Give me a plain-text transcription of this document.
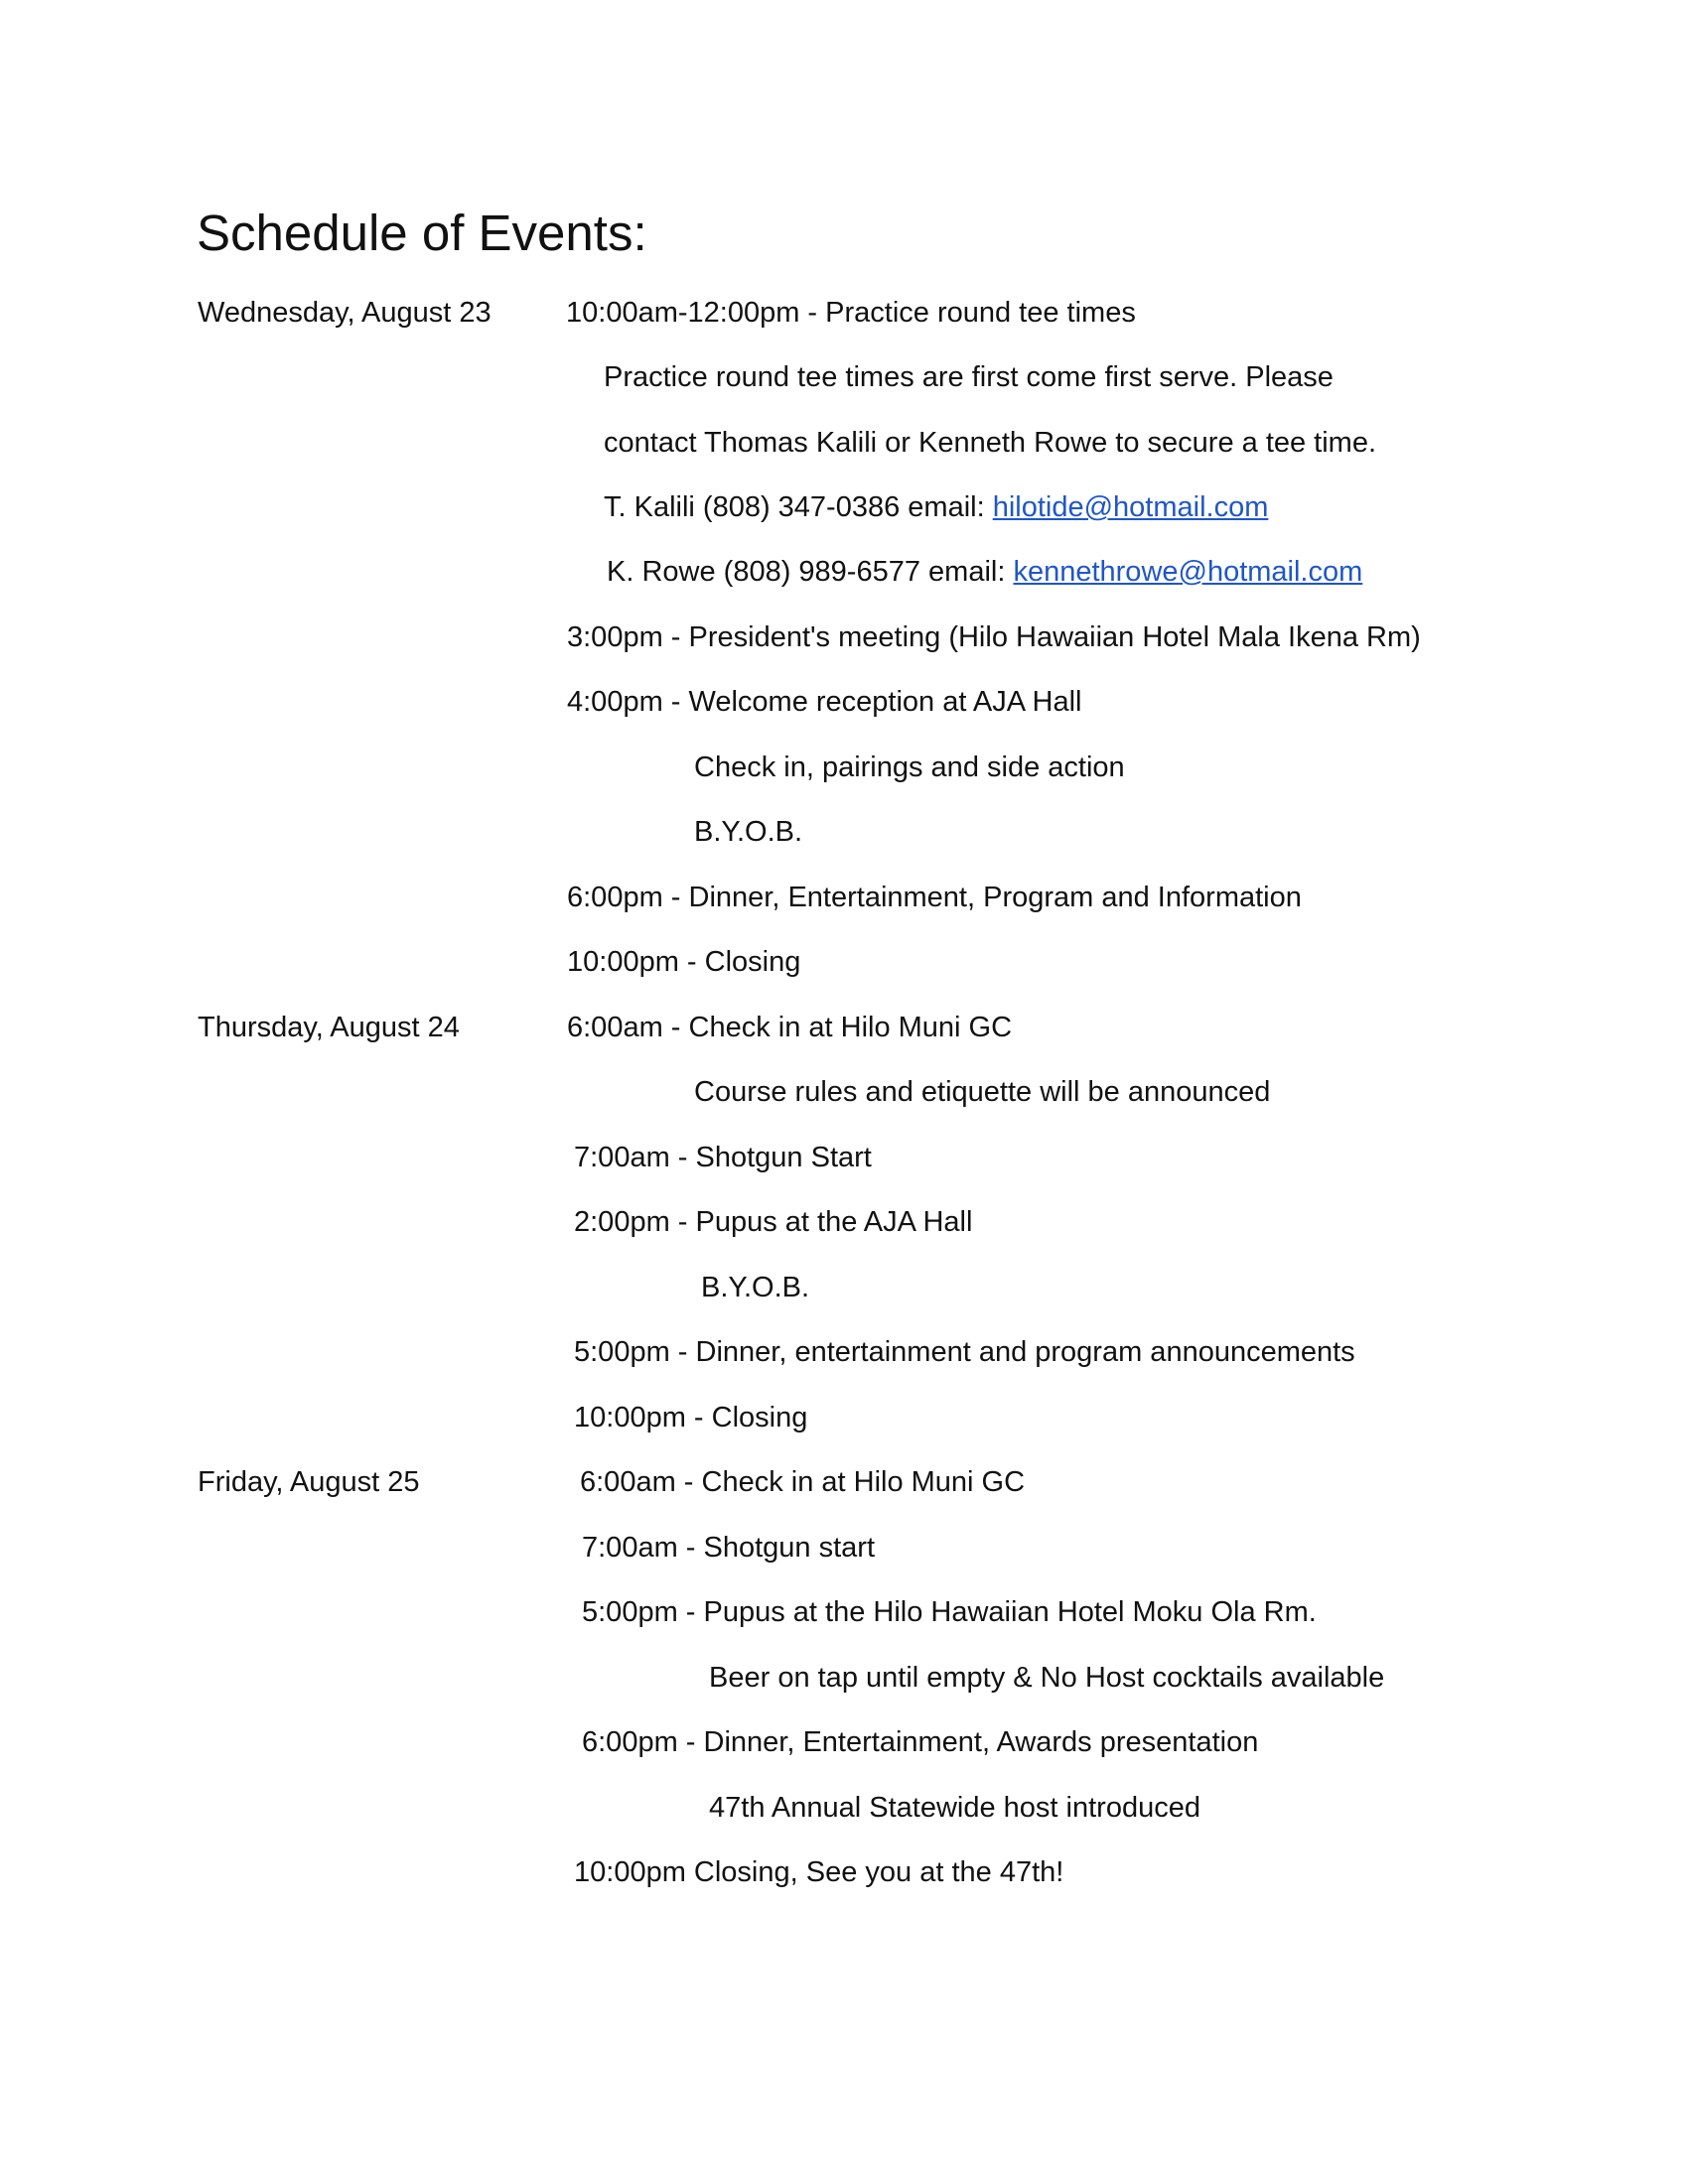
Schedule of Events:
Wednesday, August 23	10:00am-12:00pm - Practice round tee times
Practice round tee times are first come first serve. Please
contact Thomas Kalili or Kenneth Rowe to secure a tee time.
T. Kalili (808) 347-0386 email: hilotide@hotmail.com
K. Rowe (808) 989-6577 email: kennethrowe@hotmail.com
3:00pm - President's meeting (Hilo Hawaiian Hotel Mala Ikena Rm)
4:00pm - Welcome reception at AJA Hall
Check in, pairings and side action
B.Y.O.B.
6:00pm - Dinner, Entertainment, Program and Information
10:00pm - Closing
Thursday, August 24	6:00am - Check in at Hilo Muni GC
Course rules and etiquette will be announced
7:00am - Shotgun Start
2:00pm - Pupus at the AJA Hall
B.Y.O.B.
5:00pm - Dinner, entertainment and program announcements
10:00pm - Closing
Friday, August 25	6:00am - Check in at Hilo Muni GC
7:00am - Shotgun start
5:00pm - Pupus at the Hilo Hawaiian Hotel Moku Ola Rm.
Beer on tap until empty & No Host cocktails available
6:00pm - Dinner, Entertainment, Awards presentation
47th Annual Statewide host introduced
10:00pm Closing, See you at the 47th!
